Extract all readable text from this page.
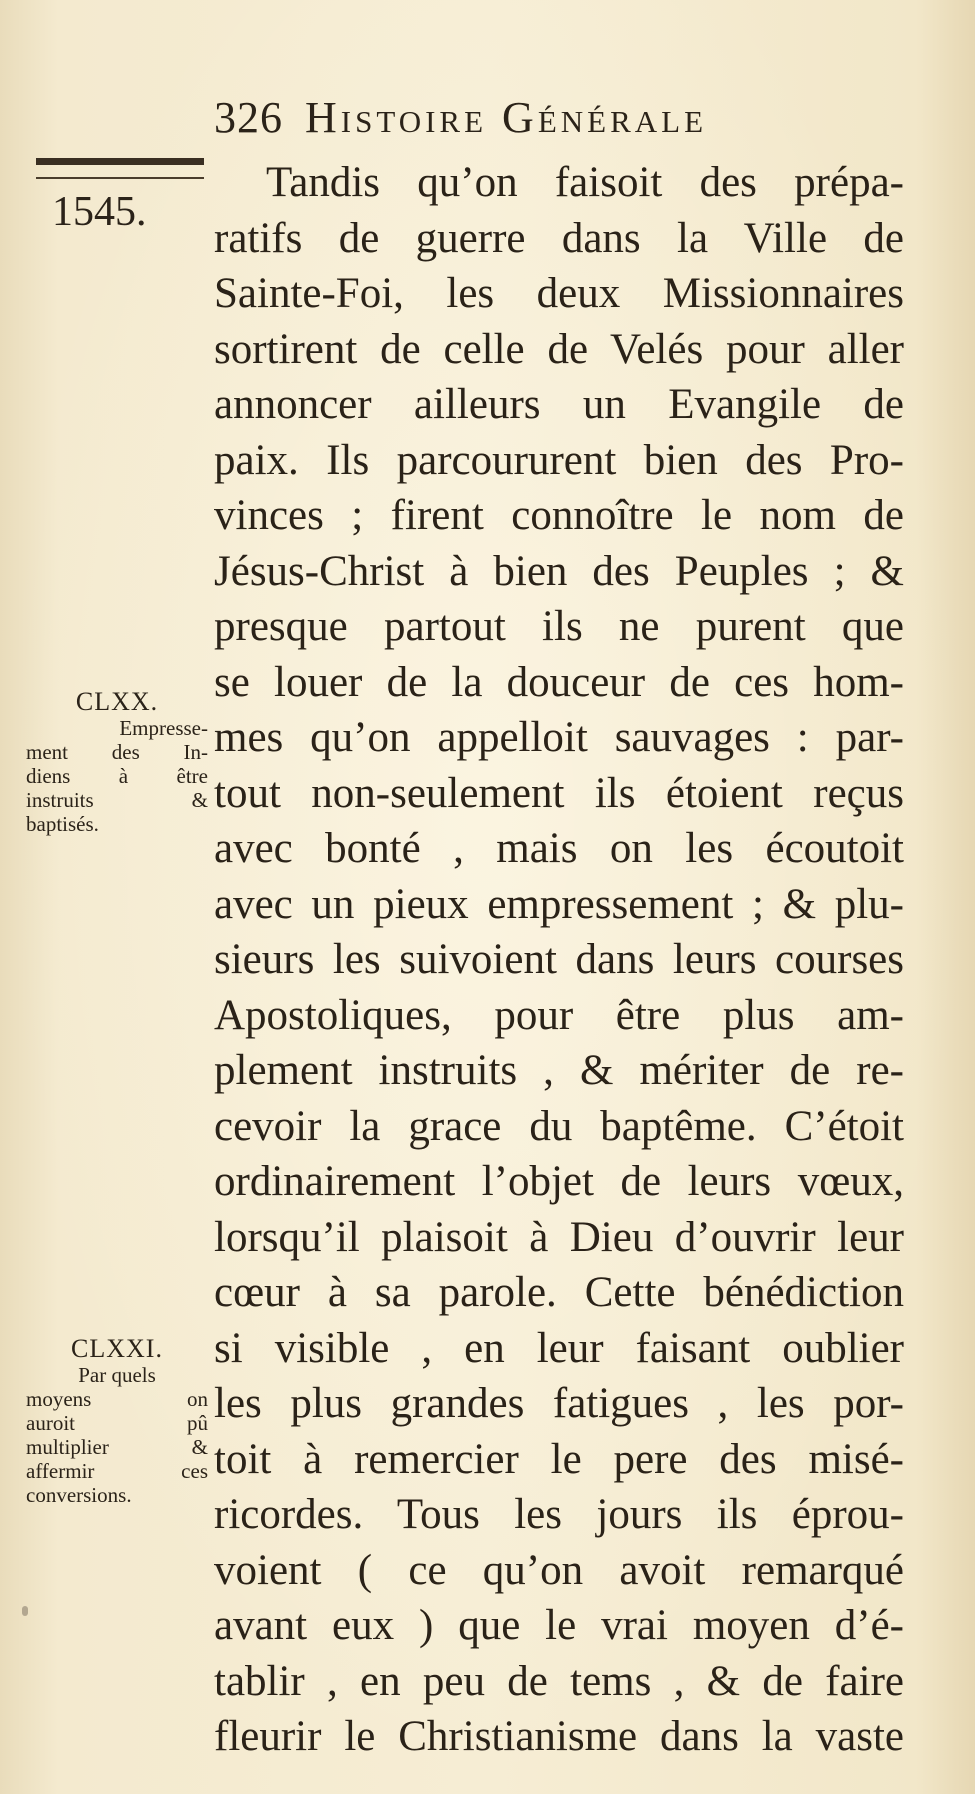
326 Histoire Générale
1545.
Tandis qu’on faisoit des prépa-
ratifs de guerre dans la Ville de
Sainte-Foi, les deux Missionnaires
sortirent de celle de Velés pour aller
annoncer ailleurs un Evangile de
paix. Ils parcoururent bien des Pro-
vinces ; firent connoître le nom de
Jésus-Christ à bien des Peuples ; &
presque partout ils ne purent que
se louer de la douceur de ces hom-
mes qu’on appelloit sauvages : par-
tout non-seulement ils étoient reçus
avec bonté , mais on les écoutoit
avec un pieux empressement ; & plu-
sieurs les suivoient dans leurs courses
Apostoliques, pour être plus am-
plement instruits , & mériter de re-
cevoir la grace du baptême. C’étoit
ordinairement l’objet de leurs vœux,
lorsqu’il plaisoit à Dieu d’ouvrir leur
cœur à sa parole. Cette bénédiction
si visible , en leur faisant oublier
les plus grandes fatigues , les por-
toit à remercier le pere des misé-
ricordes. Tous les jours ils éprou-
voient ( ce qu’on avoit remarqué
avant eux ) que le vrai moyen d’é-
tablir , en peu de tems , & de faire
fleurir le Christianisme dans la vaste
CLXX.
Empresse-
ment des In-
diens à être
instruits &
baptisés.
CLXXI.
Par quels
moyens on
auroit pû
multiplier &
affermir ces
conversions.
